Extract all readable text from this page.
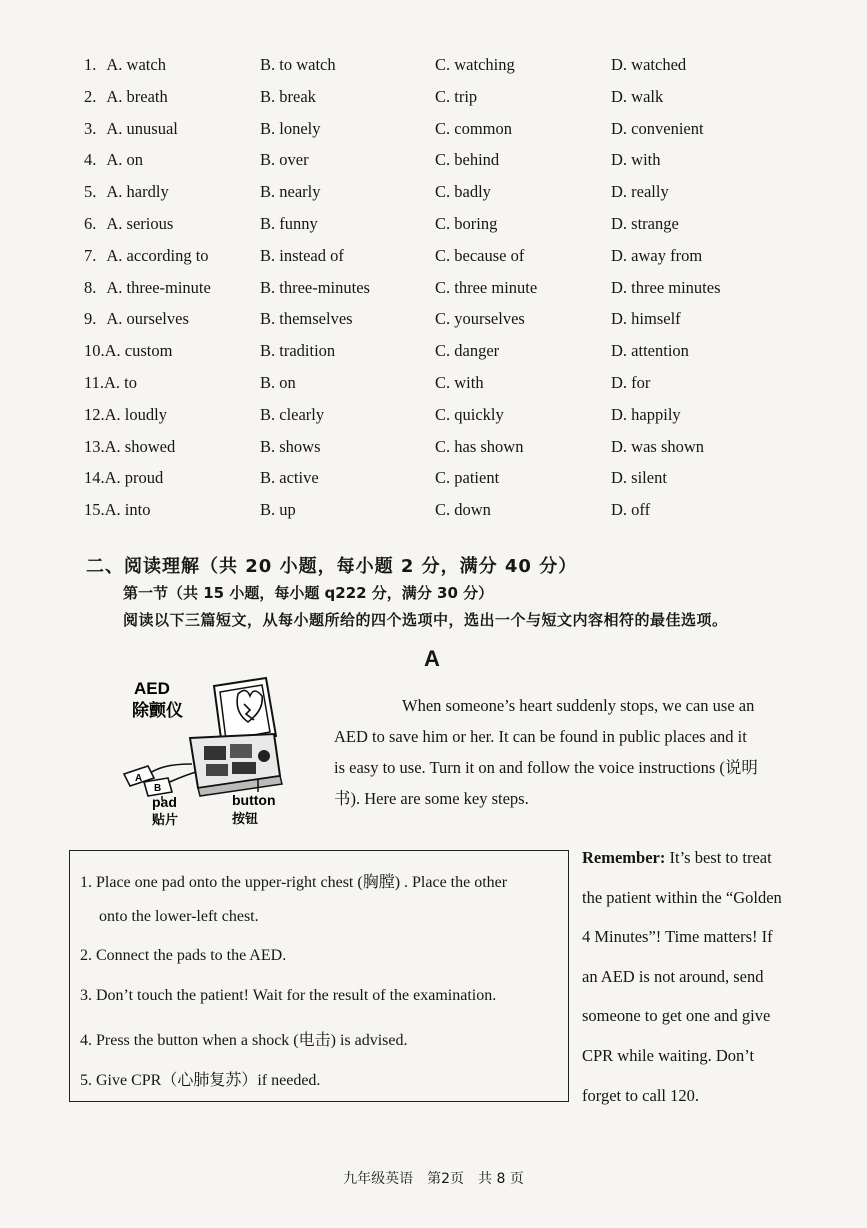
1. A. watch	B. to watch	C. watching	D. watched
2. A. breath	B. break	C. trip	D. walk
3. A. unusual	B. lonely	C. common	D. convenient
4. A. on	B. over	C. behind	D. with
5. A. hardly	B. nearly	C. badly	D. really
6. A. serious	B. funny	C. boring	D. strange
7. A. according to	B. instead of	C. because of	D. away from
8. A. three-minute	B. three-minutes	C. three minute	D. three minutes
9. A. ourselves	B. themselves	C. yourselves	D. himself
10.A. custom	B. tradition	C. danger	D. attention
11.A. to	B. on	C. with	D. for
12.A. loudly	B. clearly	C. quickly	D. happily
13.A. showed	B. shows	C. has shown	D. was shown
14.A. proud	B. active	C. patient	D. silent
15.A. into	B. up	C. down	D. off
二、阅读理解（共 20 小题，每小题 2 分，满分 40 分）
第一节（共 15 小题，每小题 q222 分，满分 30 分）
阅读以下三篇短文，从每小题所给的四个选项中，选出一个与短文内容相符的最佳选项。
A
AED
除颤仪
A
B
pad
贴片
button
按钮
When someone’s heart suddenly stops, we can use an
AED to save him or her. It can be found in public places and it
is easy to use. Turn it on and follow the voice instructions (说明
书). Here are some key steps.
1. Place one pad onto the upper-right chest (胸膛) . Place the other
onto the lower-left chest.
2. Connect the pads to the AED.
3. Don’t touch the patient! Wait for the result of the examination.
4. Press the button when a shock (电击) is advised.
5. Give CPR（心肺复苏）if needed.
Remember: It’s best to treat
the patient within the “Golden
4 Minutes”! Time matters! If
an AED is not around, send
someone to get one and give
CPR while waiting. Don’t
forget to call 120.
九年级英语　第2页　共 8 页
